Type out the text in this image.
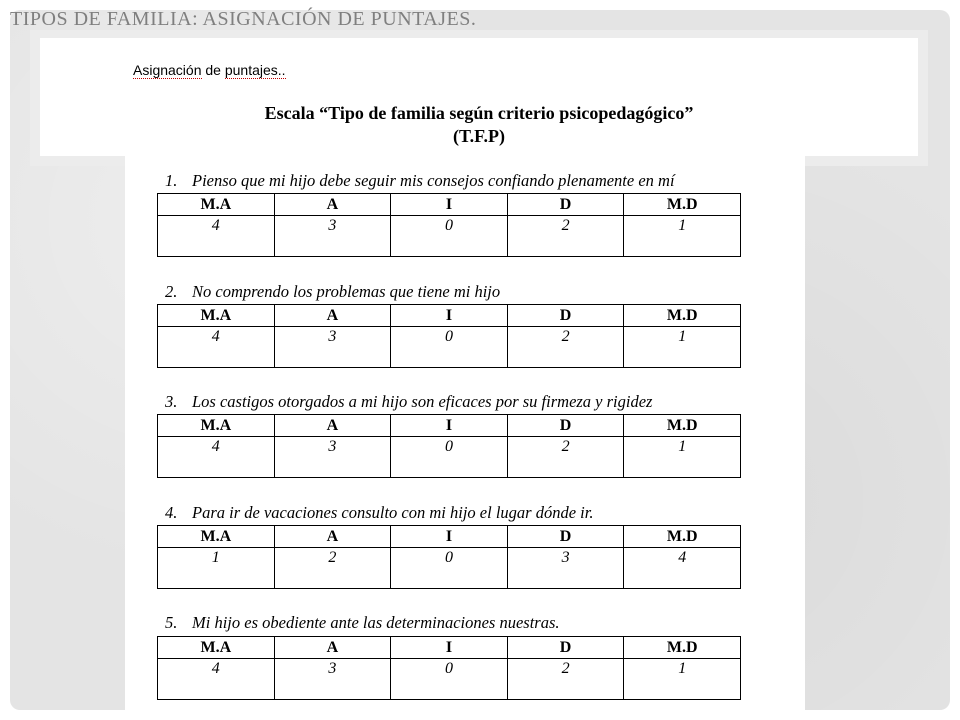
TIPOS DE FAMILIA: ASIGNACIÓN DE PUNTAJES.
Asignación de puntajes..
Escala “Tipo de familia según criterio psicopedagógico”
(T.F.P)
1. Pienso que mi hijo debe seguir mis consejos confiando plenamente en mí
M.A	A	I	D	M.D
4	3	0	2	1
2. No comprendo los problemas que tiene mi hijo
M.A	A	I	D	M.D
4	3	0	2	1
3. Los castigos otorgados a mi hijo son eficaces por su firmeza y rigidez
M.A	A	I	D	M.D
4	3	0	2	1
4. Para ir de vacaciones consulto con mi hijo el lugar dónde ir.
M.A	A	I	D	M.D
1	2	0	3	4
5. Mi hijo es obediente ante las determinaciones nuestras.
M.A	A	I	D	M.D
4	3	0	2	1
